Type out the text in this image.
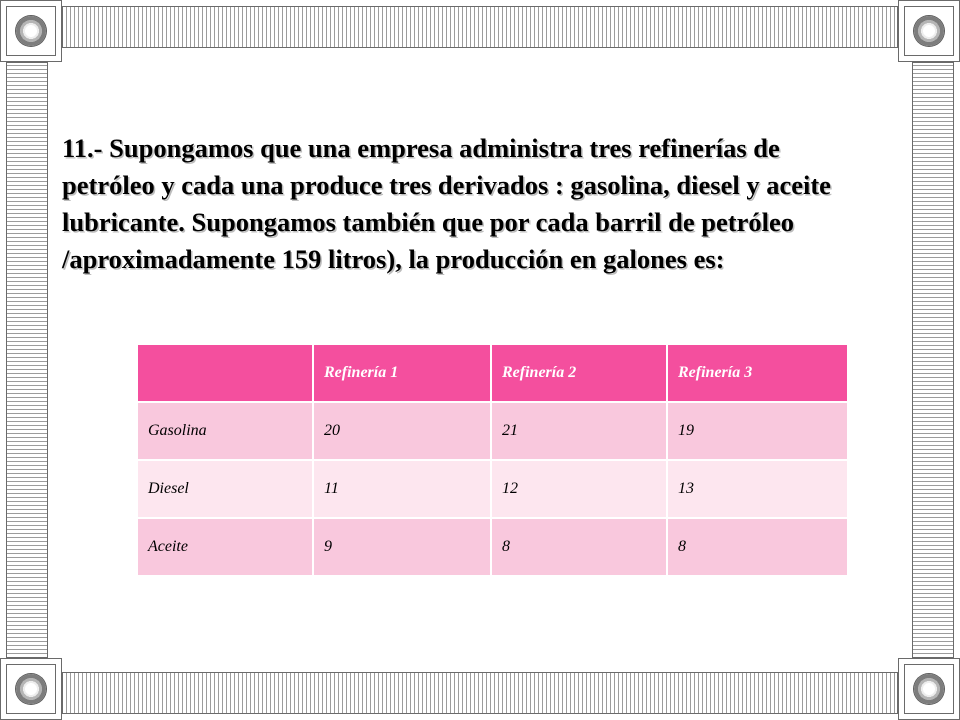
11.- Supongamos que una empresa administra tres refinerías de petróleo y cada una produce tres derivados : gasolina, diesel y aceite lubricante. Supongamos también que por cada barril de petróleo /aproximadamente 159 litros), la producción en galones es:

	Refinería 1	Refinería 2	Refinería 3
Gasolina	20	21	19
Diesel	11	12	13
Aceite	9	8	8
